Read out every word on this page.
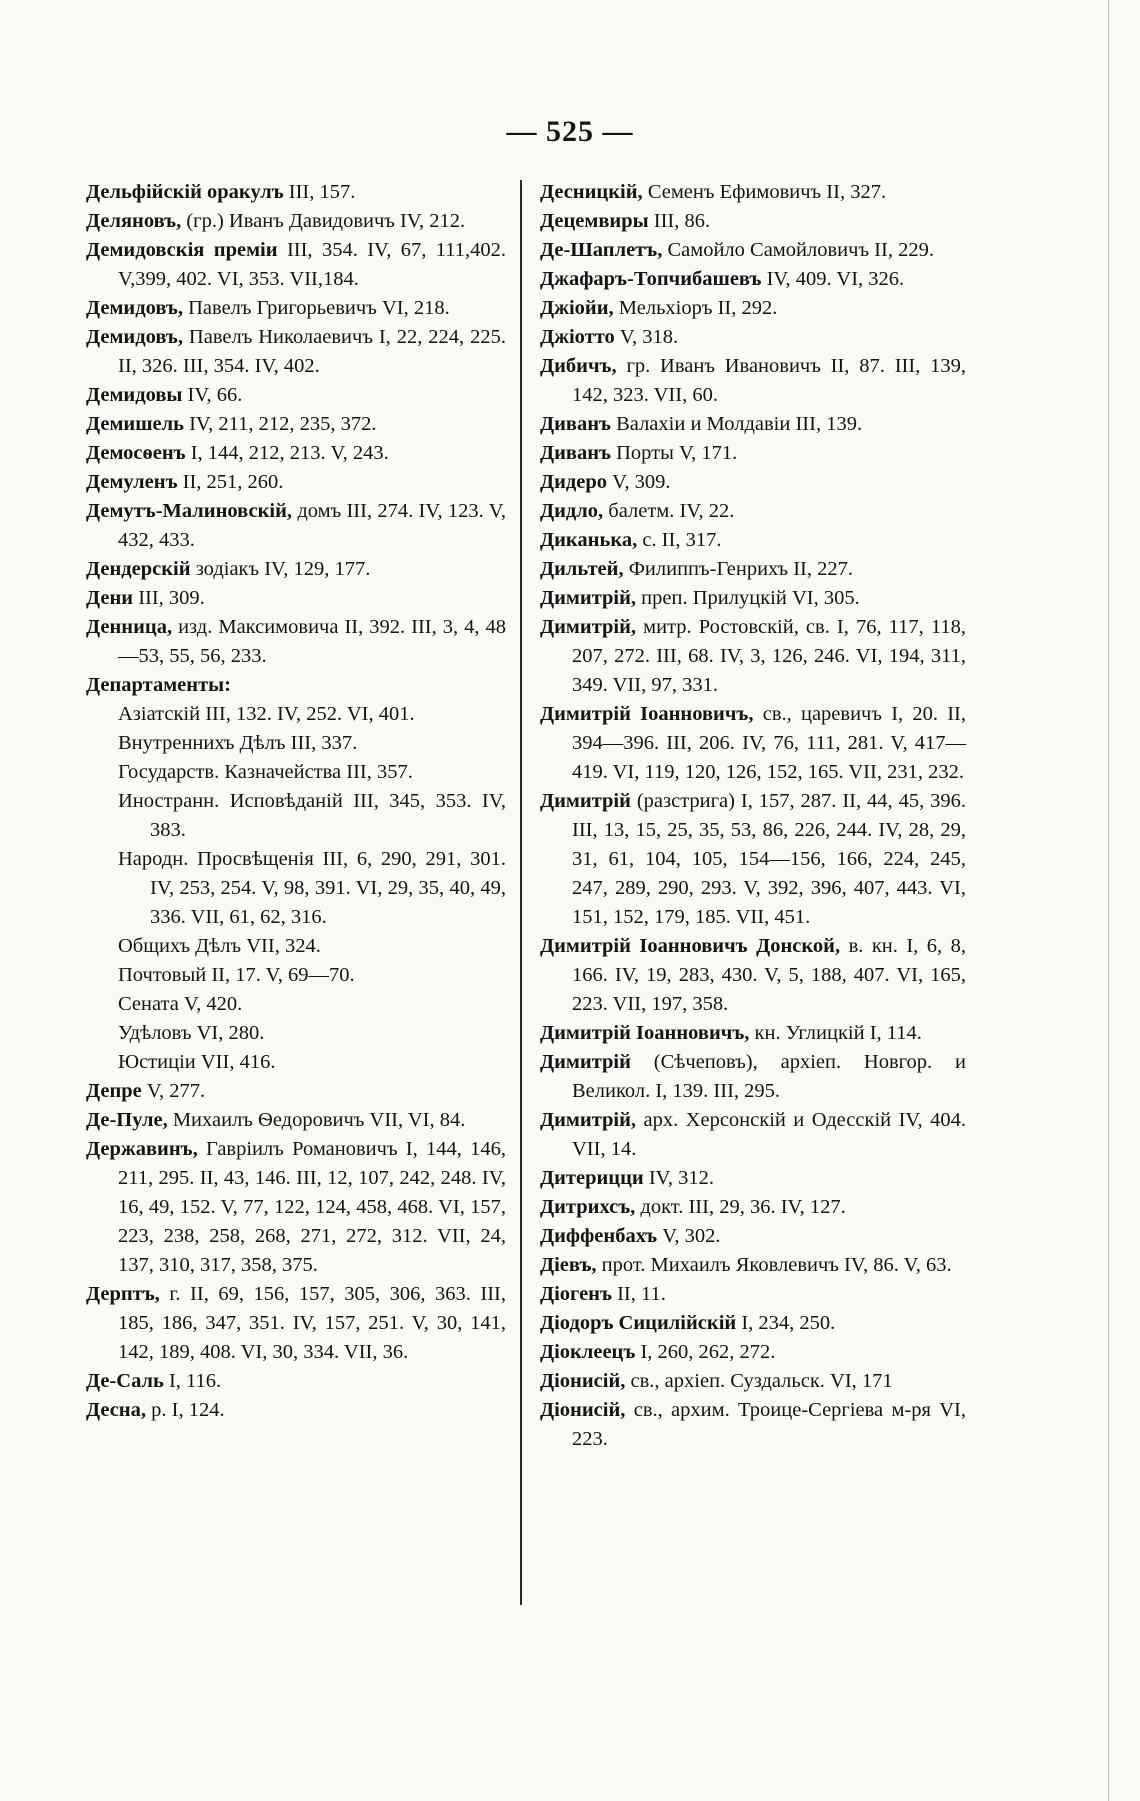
— 525 —
Дельфійскій оракулъ III, 157.
Деляновъ, (гр.) Иванъ Давидовичъ IV, 212.
Демидовскія преміи III, 354. IV, 67, 111,402. V,399, 402. VI, 353. VII,184.
Демидовъ, Павелъ Григорьевичъ VI, 218.
Демидовъ, Павелъ Николаевичъ I, 22, 224, 225. II, 326. III, 354. IV, 402.
Демидовы IV, 66.
Демишель IV, 211, 212, 235, 372.
Демосѳенъ I, 144, 212, 213. V, 243.
Демуленъ II, 251, 260.
Демутъ-Малиновскій, домъ III, 274. IV, 123. V, 432, 433.
Дендерскій зодіакъ IV, 129, 177.
Дени III, 309.
Денница, изд. Максимовича II, 392. III, 3, 4, 48—53, 55, 56, 233.
Департаменты:
Азіатскій III, 132. IV, 252. VI, 401.
Внутреннихъ Дѣлъ III, 337.
Государств. Казначейства III, 357.
Иностранн. Исповѣданій III, 345, 353. IV, 383.
Народн. Просвѣщенія III, 6, 290, 291, 301. IV, 253, 254. V, 98, 391. VI, 29, 35, 40, 49, 336. VII, 61, 62, 316.
Общихъ Дѣлъ VII, 324.
Почтовый II, 17. V, 69—70.
Сената V, 420.
Удѣловъ VI, 280.
Юстиціи VII, 416.
Депре V, 277.
Де-Пуле, Михаилъ Ѳедоровичъ VII, VI, 84.
Державинъ, Гавріилъ Романовичъ I, 144, 146, 211, 295. II, 43, 146. III, 12, 107, 242, 248. IV, 16, 49, 152. V, 77, 122, 124, 458, 468. VI, 157, 223, 238, 258, 268, 271, 272, 312. VII, 24, 137, 310, 317, 358, 375.
Дерптъ, г. II, 69, 156, 157, 305, 306, 363. III, 185, 186, 347, 351. IV, 157, 251. V, 30, 141, 142, 189, 408. VI, 30, 334. VII, 36.
Де-Саль I, 116.
Десна, р. I, 124.
Десницкій, Семенъ Ефимовичъ II, 327.
Децемвиры III, 86.
Де-Шаплетъ, Самойло Самойловичъ II, 229.
Джафаръ-Топчибашевъ IV, 409. VI, 326.
Джіойи, Мельхіоръ II, 292.
Джіотто V, 318.
Дибичъ, гр. Иванъ Ивановичъ II, 87. III, 139, 142, 323. VII, 60.
Диванъ Валахіи и Молдавіи III, 139.
Диванъ Порты V, 171.
Дидеро V, 309.
Дидло, балетм. IV, 22.
Диканька, с. II, 317.
Дильтей, Филиппъ-Генрихъ II, 227.
Димитрій, преп. Прилуцкій VI, 305.
Димитрій, митр. Ростовскій, св. I, 76, 117, 118, 207, 272. III, 68. IV, 3, 126, 246. VI, 194, 311, 349. VII, 97, 331.
Димитрій Іоанновичъ, св., царевичъ I, 20. II, 394—396. III, 206. IV, 76, 111, 281. V, 417—419. VI, 119, 120, 126, 152, 165. VII, 231, 232.
Димитрій (разстрига) I, 157, 287. II, 44, 45, 396. III, 13, 15, 25, 35, 53, 86, 226, 244. IV, 28, 29, 31, 61, 104, 105, 154—156, 166, 224, 245, 247, 289, 290, 293. V, 392, 396, 407, 443. VI, 151, 152, 179, 185. VII, 451.
Димитрій Іоанновичъ Донской, в. кн. I, 6, 8, 166. IV, 19, 283, 430. V, 5, 188, 407. VI, 165, 223. VII, 197, 358.
Димитрій Іоанновичъ, кн. Углицкій I, 114.
Димитрій (Сѣчеповъ), архіеп. Новгор. и Великол. I, 139. III, 295.
Димитрій, арх. Херсонскій и Одесскій IV, 404. VII, 14.
Дитерицци IV, 312.
Дитрихсъ, докт. III, 29, 36. IV, 127.
Диффенбахъ V, 302.
Діевъ, прот. Михаилъ Яковлевичъ IV, 86. V, 63.
Діогенъ II, 11.
Діодоръ Сицилійскій I, 234, 250.
Діоклеецъ I, 260, 262, 272.
Діонисій, св., архіеп. Суздальск. VI, 171
Діонисій, св., архим. Троице-Сергіева м-ря VI, 223.
